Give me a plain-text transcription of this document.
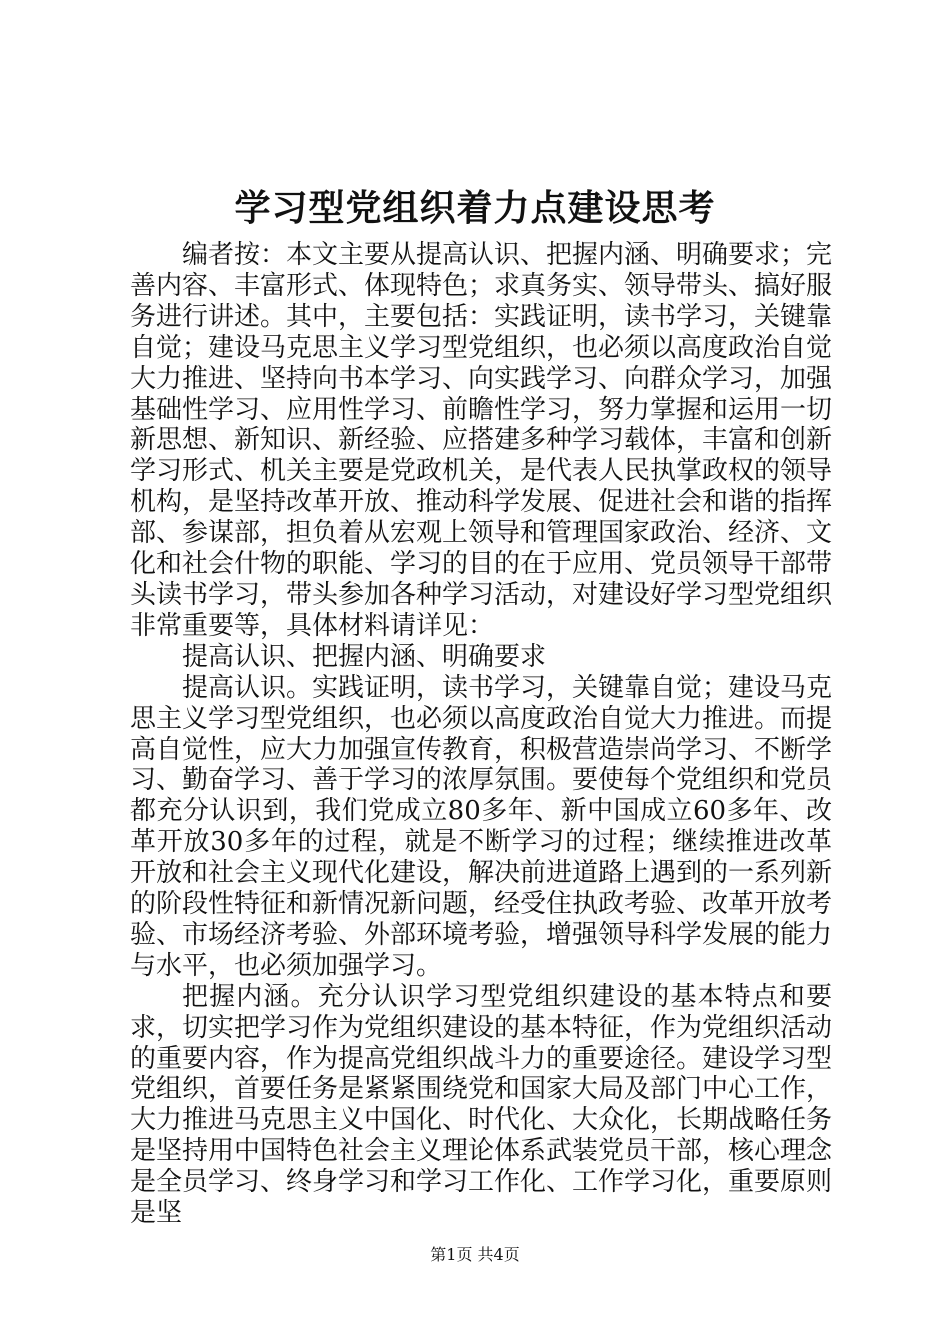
学习型党组织着力点建设思考

编者按：本文主要从提高认识、把握内涵、明确要求；完善内容、丰富形式、体现特色；求真务实、领导带头、搞好服务进行讲述。其中，主要包括：实践证明，读书学习，关键靠自觉；建设马克思主义学习型党组织，也必须以高度政治自觉大力推进、坚持向书本学习、向实践学习、向群众学习，加强基础性学习、应用性学习、前瞻性学习，努力掌握和运用一切新思想、新知识、新经验、应搭建多种学习载体，丰富和创新学习形式、机关主要是党政机关，是代表人民执掌政权的领导机构，是坚持改革开放、推动科学发展、促进社会和谐的指挥部、参谋部，担负着从宏观上领导和管理国家政治、经济、文化和社会什物的职能、学习的目的在于应用、党员领导干部带头读书学习，带头参加各种学习活动，对建设好学习型党组织非常重要等，具体材料请详见：

提高认识、把握内涵、明确要求

提高认识。实践证明，读书学习，关键靠自觉；建设马克思主义学习型党组织，也必须以高度政治自觉大力推进。而提高自觉性，应大力加强宣传教育，积极营造崇尚学习、不断学习、勤奋学习、善于学习的浓厚氛围。要使每个党组织和党员都充分认识到，我们党成立80多年、新中国成立60多年、改革开放30多年的过程，就是不断学习的过程；继续推进改革开放和社会主义现代化建设，解决前进道路上遇到的一系列新的阶段性特征和新情况新问题，经受住执政考验、改革开放考验、市场经济考验、外部环境考验，增强领导科学发展的能力与水平，也必须加强学习。

把握内涵。充分认识学习型党组织建设的基本特点和要求，切实把学习作为党组织建设的基本特征，作为党组织活动的重要内容，作为提高党组织战斗力的重要途径。建设学习型党组织，首要任务是紧紧围绕党和国家大局及部门中心工作，大力推进马克思主义中国化、时代化、大众化，长期战略任务是坚持用中国特色社会主义理论体系武装党员干部，核心理念是全员学习、终身学习和学习工作化、工作学习化，重要原则是坚

第1页 共4页
